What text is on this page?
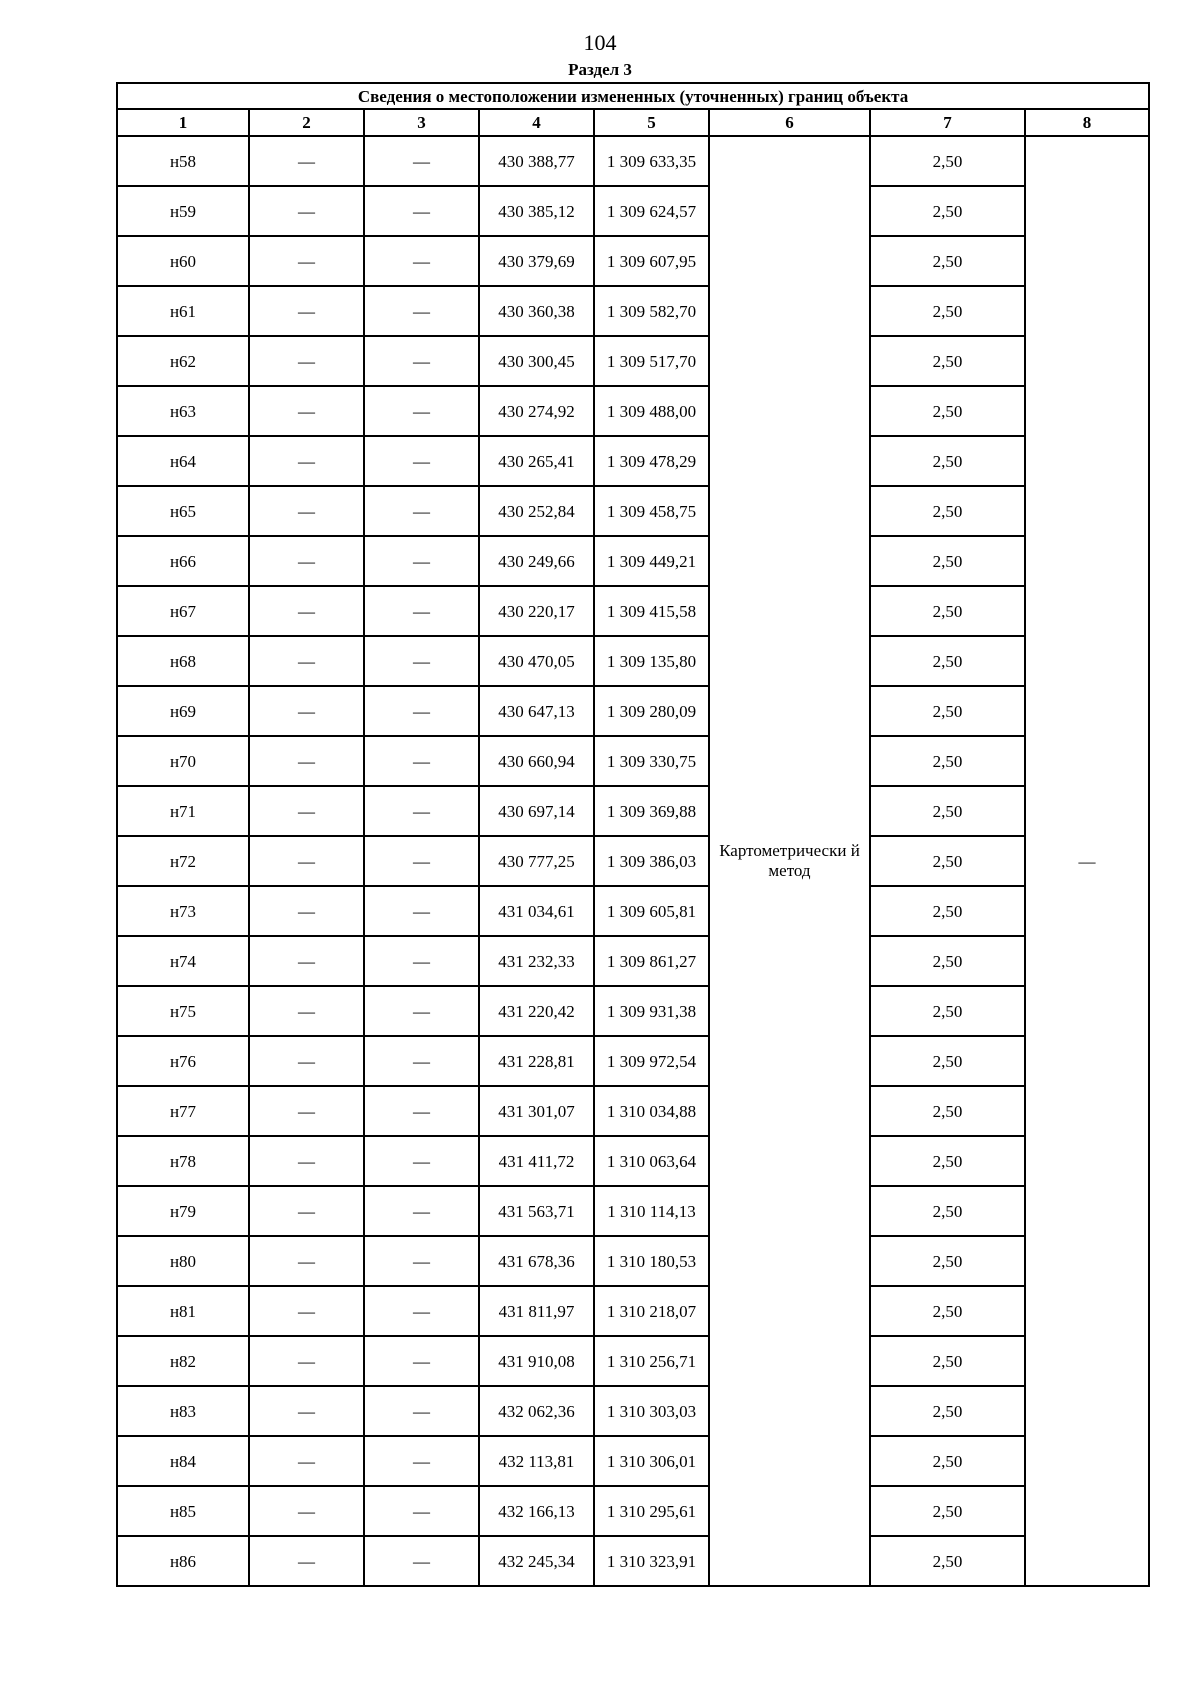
104
Раздел 3
Сведения о местоположении измененных (уточненных) границ объекта							
1	2	3	4	5	6	7	8
н58	—	—	430 388,77	1 309 633,35	Картометрически й метод	2,50	—
н59	—	—	430 385,12	1 309 624,57		2,50	
н60	—	—	430 379,69	1 309 607,95		2,50	
н61	—	—	430 360,38	1 309 582,70		2,50	
н62	—	—	430 300,45	1 309 517,70		2,50	
н63	—	—	430 274,92	1 309 488,00		2,50	
н64	—	—	430 265,41	1 309 478,29		2,50	
н65	—	—	430 252,84	1 309 458,75		2,50	
н66	—	—	430 249,66	1 309 449,21		2,50	
н67	—	—	430 220,17	1 309 415,58		2,50	
н68	—	—	430 470,05	1 309 135,80		2,50	
н69	—	—	430 647,13	1 309 280,09		2,50	
н70	—	—	430 660,94	1 309 330,75		2,50	
н71	—	—	430 697,14	1 309 369,88		2,50	
н72	—	—	430 777,25	1 309 386,03		2,50	
н73	—	—	431 034,61	1 309 605,81		2,50	
н74	—	—	431 232,33	1 309 861,27		2,50	
н75	—	—	431 220,42	1 309 931,38		2,50	
н76	—	—	431 228,81	1 309 972,54		2,50	
н77	—	—	431 301,07	1 310 034,88		2,50	
н78	—	—	431 411,72	1 310 063,64		2,50	
н79	—	—	431 563,71	1 310 114,13		2,50	
н80	—	—	431 678,36	1 310 180,53		2,50	
н81	—	—	431 811,97	1 310 218,07		2,50	
н82	—	—	431 910,08	1 310 256,71		2,50	
н83	—	—	432 062,36	1 310 303,03		2,50	
н84	—	—	432 113,81	1 310 306,01		2,50	
н85	—	—	432 166,13	1 310 295,61		2,50	
н86	—	—	432 245,34	1 310 323,91		2,50	
